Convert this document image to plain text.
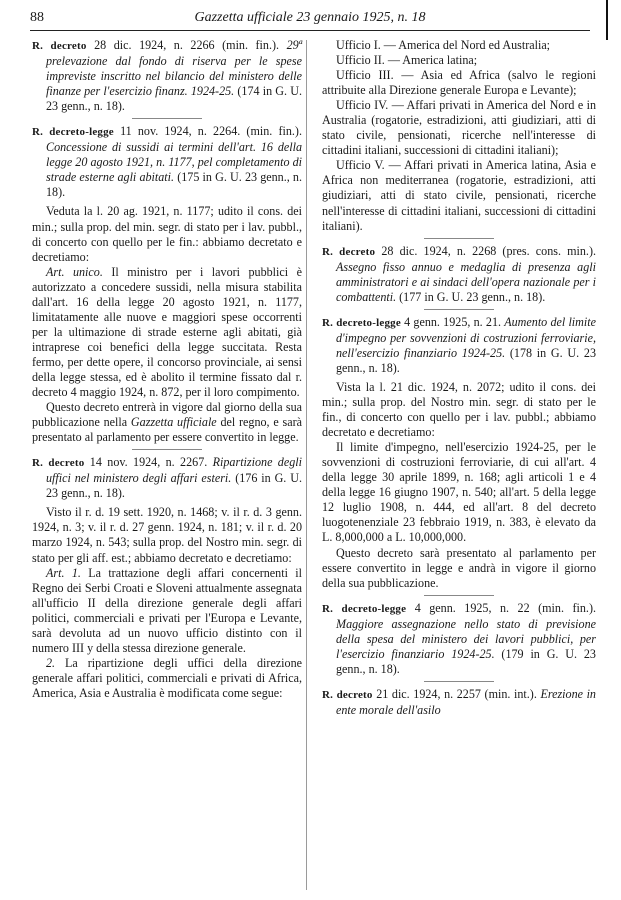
88	Gazzetta ufficiale 23 gennaio 1925, n. 18

R. decreto 28 dic. 1924, n. 2266 (min. fin.). 29ª prelevazione dal fondo di riserva per le spese impreviste inscritto nel bilancio del ministero delle finanze per l'esercizio finanz. 1924-25. (174 in G. U. 23 genn., n. 18).

R. decreto-legge 11 nov. 1924, n. 2264. (min. fin.). Concessione di sussidi ai termini dell'art. 16 della legge 20 agosto 1921, n. 1177, pel completamento di strade esterne agli abitati. (175 in G. U. 23 genn., n. 18).

Veduta la l. 20 ag. 1921, n. 1177; udito il cons. dei min.; sulla prop. del min. segr. di stato per i lav. pubbl., di concerto con quello per le fin.: abbiamo decretato e decretiamo:

Art. unico. Il ministro per i lavori pubblici è autorizzato a concedere sussidi, nella misura stabilita dall'art. 16 della legge 20 agosto 1921, n. 1177, limitatamente alle nuove e maggiori spese occorrenti per la ultimazione di strade esterne agli abitati, già intraprese coi benefici della legge succitata. Resta fermo, per dette opere, il concorso provinciale, ai sensi della legge stessa, ed è abolito il termine fissato dal r. decreto 4 maggio 1924, n. 872, per il loro compimento.

Questo decreto entrerà in vigore dal giorno della sua pubblicazione nella Gazzetta ufficiale del regno, e sarà presentato al parlamento per essere convertito in legge.

R. decreto 14 nov. 1924, n. 2267. Ripartizione degli uffici nel ministero degli affari esteri. (176 in G. U. 23 genn., n. 18).

Visto il r. d. 19 sett. 1920, n. 1468; v. il r. d. 3 genn. 1924, n. 3; v. il r. d. 27 genn. 1924, n. 181; v. il r. d. 20 marzo 1924, n. 543; sulla prop. del Nostro min. segr. di stato per gli aff. est.; abbiamo decretato e decretiamo:

Art. 1. La trattazione degli affari concernenti il Regno dei Serbi Croati e Sloveni attualmente assegnata all'ufficio II della direzione generale degli affari politici, commerciali e privati per l'Europa e Levante, sarà devoluta ad un nuovo ufficio distinto con il numero III y della stessa direzione generale.

2. La ripartizione degli uffici della direzione generale affari politici, commerciali e privati di Africa, America, Asia e Australia è modificata come segue:

Ufficio I. — America del Nord ed Australia;

Ufficio II. — America latina;

Ufficio III. — Asia ed Africa (salvo le regioni attribuite alla Direzione generale Europa e Levante);

Ufficio IV. — Affari privati in America del Nord e in Australia (rogatorie, estradizioni, atti giudiziari, atti di stato civile, pensionati, ricerche nell'interesse di cittadini italiani, successioni di cittadini italiani);

Ufficio V. — Affari privati in America latina, Asia e Africa non mediterranea (rogatorie, estradizioni, atti giudiziari, atti di stato civile, pensionati, ricerche nell'interesse di cittadini italiani, successioni di cittadini italiani).

R. decreto 28 dic. 1924, n. 2268 (pres. cons. min.). Assegno fisso annuo e medaglia di presenza agli amministratori e ai sindaci dell'opera nazionale per i combattenti. (177 in G. U. 23 genn., n. 18).

R. decreto-legge 4 genn. 1925, n. 21. Aumento del limite d'impegno per sovvenzioni di costruzioni ferroviarie, nell'esercizio finanziario 1924-25. (178 in G. U. 23 genn., n. 18).

Vista la l. 21 dic. 1924, n. 2072; udito il cons. dei min.; sulla prop. del Nostro min. segr. di stato per le fin., di concerto con quello per i lav. pubbl.; abbiamo decretato e decretiamo:

Il limite d'impegno, nell'esercizio 1924-25, per le sovvenzioni di costruzioni ferroviarie, di cui all'art. 4 della legge 30 aprile 1899, n. 168; agli articoli 1 e 4 della legge 16 giugno 1907, n. 540; all'art. 5 della legge 12 luglio 1908, n. 444, ed all'art. 8 del decreto luogotenenziale 23 febbraio 1919, n. 383, è elevato da L. 8,000,000 a L. 10,000,000.

Questo decreto sarà presentato al parlamento per essere convertito in legge e andrà in vigore il giorno della sua pubblicazione.

R. decreto-legge 4 genn. 1925, n. 22 (min. fin.). Maggiore assegnazione nello stato di previsione della spesa del ministero dei lavori pubblici, per l'esercizio finanziario 1924-25. (179 in G. U. 23 genn., n. 18).

R. decreto 21 dic. 1924, n. 2257 (min. int.). Erezione in ente morale dell'asilo
